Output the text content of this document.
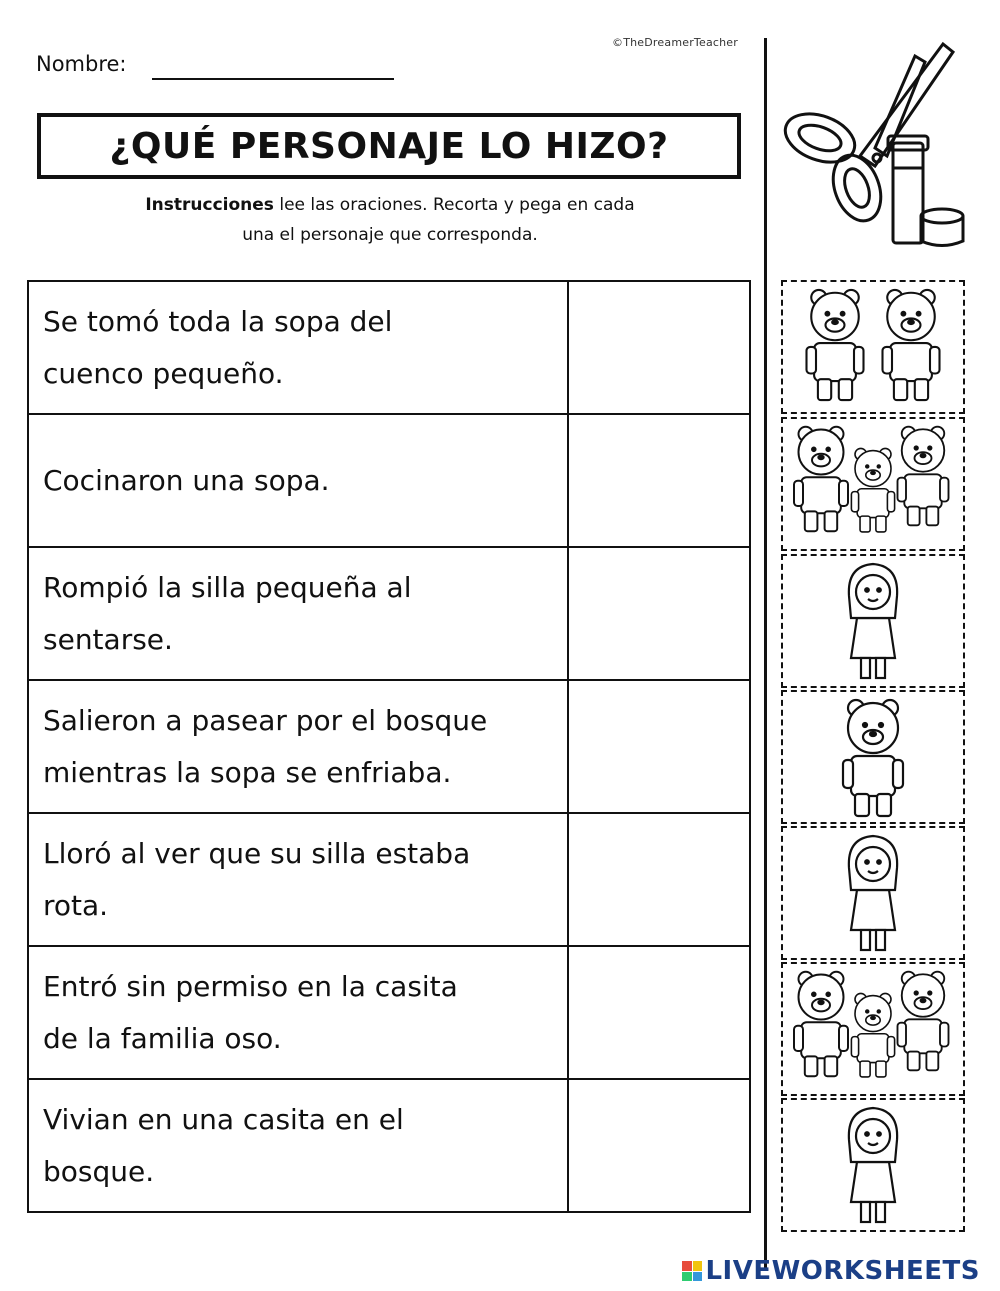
Nombre:
©TheDreamerTeacher
¿QUÉ PERSONAJE LO HIZO?
Instrucciones lee las oraciones. Recorta y pega en cada
una el personaje que corresponda.
Se tomó toda la sopa del
cuenco pequeño.	
Cocinaron una sopa.	
Rompió la silla pequeña al
sentarse.	
Salieron a pasear por el bosque
mientras la sopa se enfriaba.	
Lloró al ver que su silla estaba
rota.	
Entró sin permiso en la casita
de la familia oso.	
Vivian en una casita en el
bosque.	
LIVEWORKSHEETS
